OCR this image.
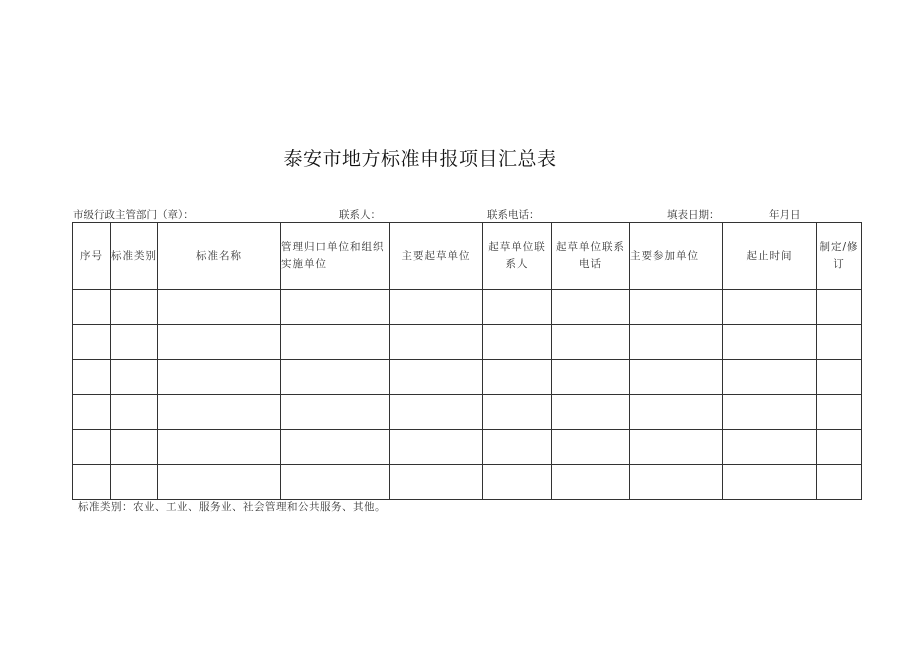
泰安市地方标准申报项目汇总表
市级行政主管部门（章）：	联系人：	联系电话：	填表日期：	年月日
序号	标准类别	标准名称	管理归口单位和组织实施单位	主要起草单位	起草单位联系人	起草单位联系电话	主要参加单位	起止时间	制定/修订

标准类别：农业、工业、服务业、社会管理和公共服务、其他。
